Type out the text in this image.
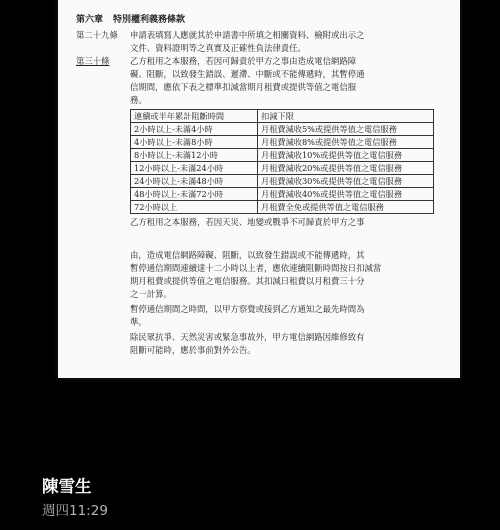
第六章 特別權利義務條款
第二十九條	申請表填寫人應就其於申請書中所填之相關資料、檢附或出示之
文件、資料證明等之真實及正確性負法律責任。
第三十條	乙方租用之本服務，若因可歸責於甲方之事由造成電信網路障
礙、阻斷，以致發生錯誤、遲滯、中斷或不能傳遞時，其暫停通
信期間，應依下表之標準扣減當期月租費或提供等值之電信服
務。
連續或半年累計阻斷時間	扣減下限
2小時以上-未滿4小時	月租費減收5%或提供等值之電信服務
4小時以上-未滿8小時	月租費減收8%或提供等值之電信服務
8小時以上-未滿12小時	月租費減收10%或提供等值之電信服務
12小時以上-未滿24小時	月租費減收20%或提供等值之電信服務
24小時以上-未滿48小時	月租費減收30%或提供等值之電信服務
48小時以上-未滿72小時	月租費減收40%或提供等值之電信服務
72小時以上	月租費全免或提供等值之電信服務
乙方租用之本服務，若因天災、地變或戰爭不可歸責於甲方之事
由，造成電信網路障礙、阻斷，以致發生錯誤或不能傳遞時，其
暫停通信期間連續達十二小時以上者，應依連續阻斷時間按日扣減當
期月租費或提供等值之電信服務。其扣減日租費以月租費三十分
之一計算。
暫停通信期間之時間，以甲方察覺或接到乙方通知之最先時間為
準。
除民眾抗爭、天然災害或緊急事故外，甲方電信網路因維修致有
阻斷可能時，應於事前對外公告。
陳雪生
週四11:29
